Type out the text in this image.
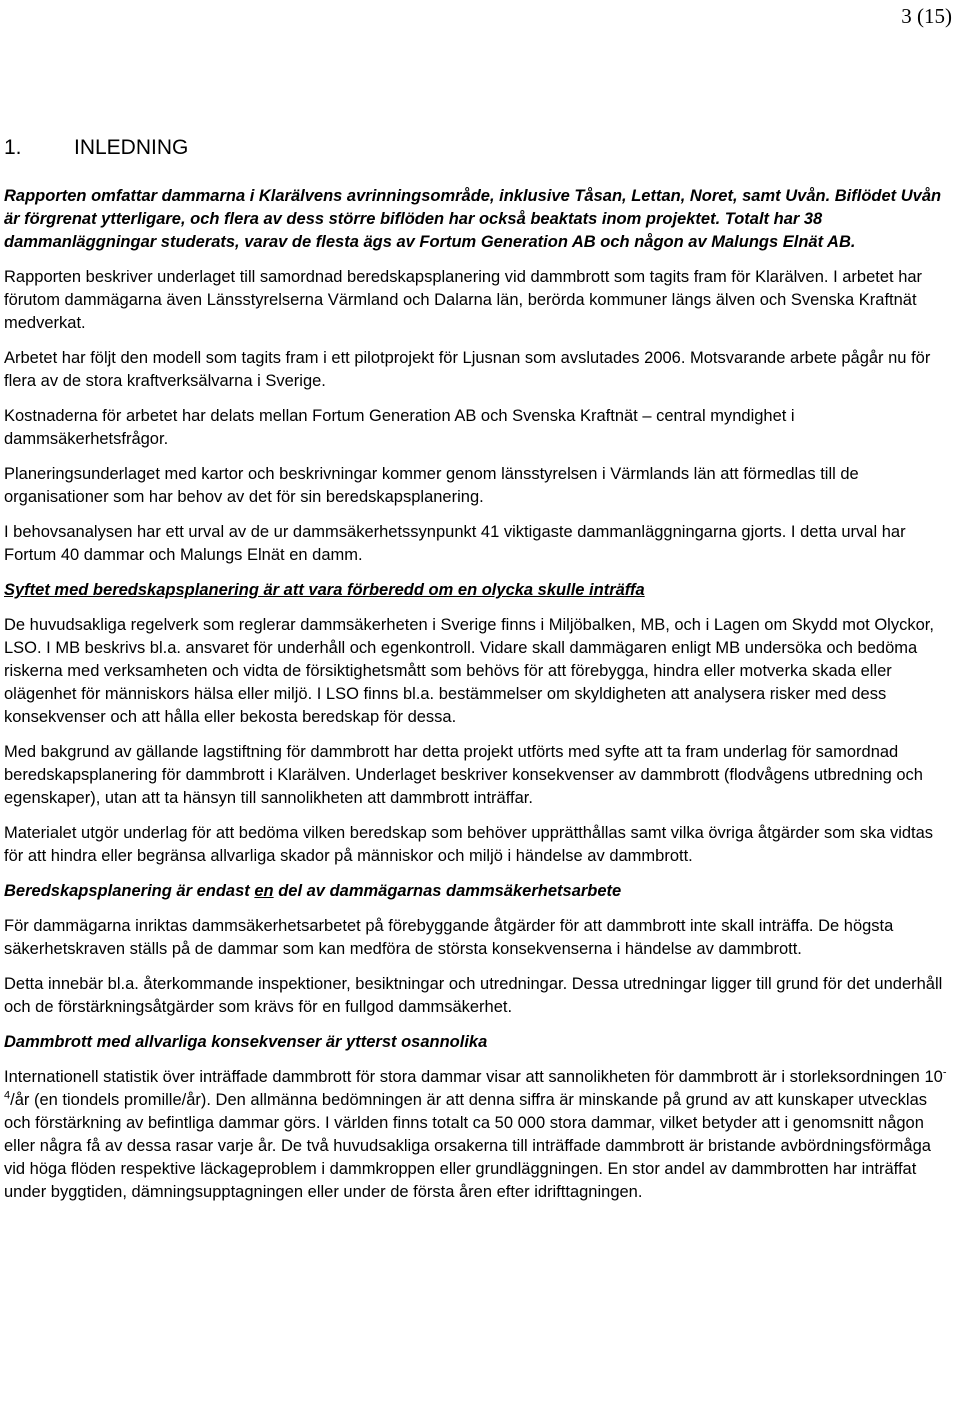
3 (15)
1. INLEDNING

Rapporten omfattar dammarna i Klarälvens avrinningsområde, inklusive Tåsan, Lettan, Noret, samt Uvån. Biflödet Uvån är förgrenat ytterligare, och flera av dess större biflöden har också beaktats inom projektet. Totalt har 38 dammanläggningar studerats, varav de flesta ägs av Fortum Generation AB och någon av Malungs Elnät AB.

Rapporten beskriver underlaget till samordnad beredskapsplanering vid dammbrott som tagits fram för Klarälven. I arbetet har förutom dammägarna även Länsstyrelserna Värmland och Dalarna län, berörda kommuner längs älven och Svenska Kraftnät medverkat.

Arbetet har följt den modell som tagits fram i ett pilotprojekt för Ljusnan som avslutades 2006. Motsvarande arbete pågår nu för flera av de stora kraftverksälvarna i Sverige.

Kostnaderna för arbetet har delats mellan Fortum Generation AB och Svenska Kraftnät – central myndighet i dammsäkerhetsfrågor.

Planeringsunderlaget med kartor och beskrivningar kommer genom länsstyrelsen i Värmlands län att förmedlas till de organisationer som har behov av det för sin beredskapsplanering.

I behovsanalysen har ett urval av de ur dammsäkerhetssynpunkt 41 viktigaste dammanläggningarna gjorts. I detta urval har Fortum 40 dammar och Malungs Elnät en damm.

Syftet med beredskapsplanering är att vara förberedd om en olycka skulle inträffa

De huvudsakliga regelverk som reglerar dammsäkerheten i Sverige finns i Miljöbalken, MB, och i Lagen om Skydd mot Olyckor, LSO. I MB beskrivs bl.a. ansvaret för underhåll och egenkontroll. Vidare skall dammägaren enligt MB undersöka och bedöma riskerna med verksamheten och vidta de försiktighetsmått som behövs för att förebygga, hindra eller motverka skada eller olägenhet för människors hälsa eller miljö. I LSO finns bl.a. bestämmelser om skyldigheten att analysera risker med dess konsekvenser och att hålla eller bekosta beredskap för dessa.

Med bakgrund av gällande lagstiftning för dammbrott har detta projekt utförts med syfte att ta fram underlag för samordnad beredskapsplanering för dammbrott i Klarälven. Underlaget beskriver konsekvenser av dammbrott (flodvågens utbredning och egenskaper), utan att ta hänsyn till sannolikheten att dammbrott inträffar.

Materialet utgör underlag för att bedöma vilken beredskap som behöver upprätthållas samt vilka övriga åtgärder som ska vidtas för att hindra eller begränsa allvarliga skador på människor och miljö i händelse av dammbrott.

Beredskapsplanering är endast en del av dammägarnas dammsäkerhetsarbete

För dammägarna inriktas dammsäkerhetsarbetet på förebyggande åtgärder för att dammbrott inte skall inträffa. De högsta säkerhetskraven ställs på de dammar som kan medföra de största konsekvenserna i händelse av dammbrott.

Detta innebär bl.a. återkommande inspektioner, besiktningar och utredningar. Dessa utredningar ligger till grund för det underhåll och de förstärkningsåtgärder som krävs för en fullgod dammsäkerhet.

Dammbrott med allvarliga konsekvenser är ytterst osannolika

Internationell statistik över inträffade dammbrott för stora dammar visar att sannolikheten för dammbrott är i storleksordningen $10^{-4}/år$ (en tiondels promille/år). Den allmänna bedömningen är att denna siffra är minskande på grund av att kunskaper utvecklas och förstärkning av befintliga dammar görs. I världen finns totalt ca 50 000 stora dammar, vilket betyder att i genomsnitt någon eller några få av dessa rasar varje år. De två huvudsakliga orsakerna till inträffade dammbrott är bristande avbördningsförmåga vid höga flöden respektive läckageproblem i dammkroppen eller grundläggningen. En stor andel av dammbrotten har inträffat under byggtiden, dämningsupptagningen eller under de första åren efter idrifttagningen.
